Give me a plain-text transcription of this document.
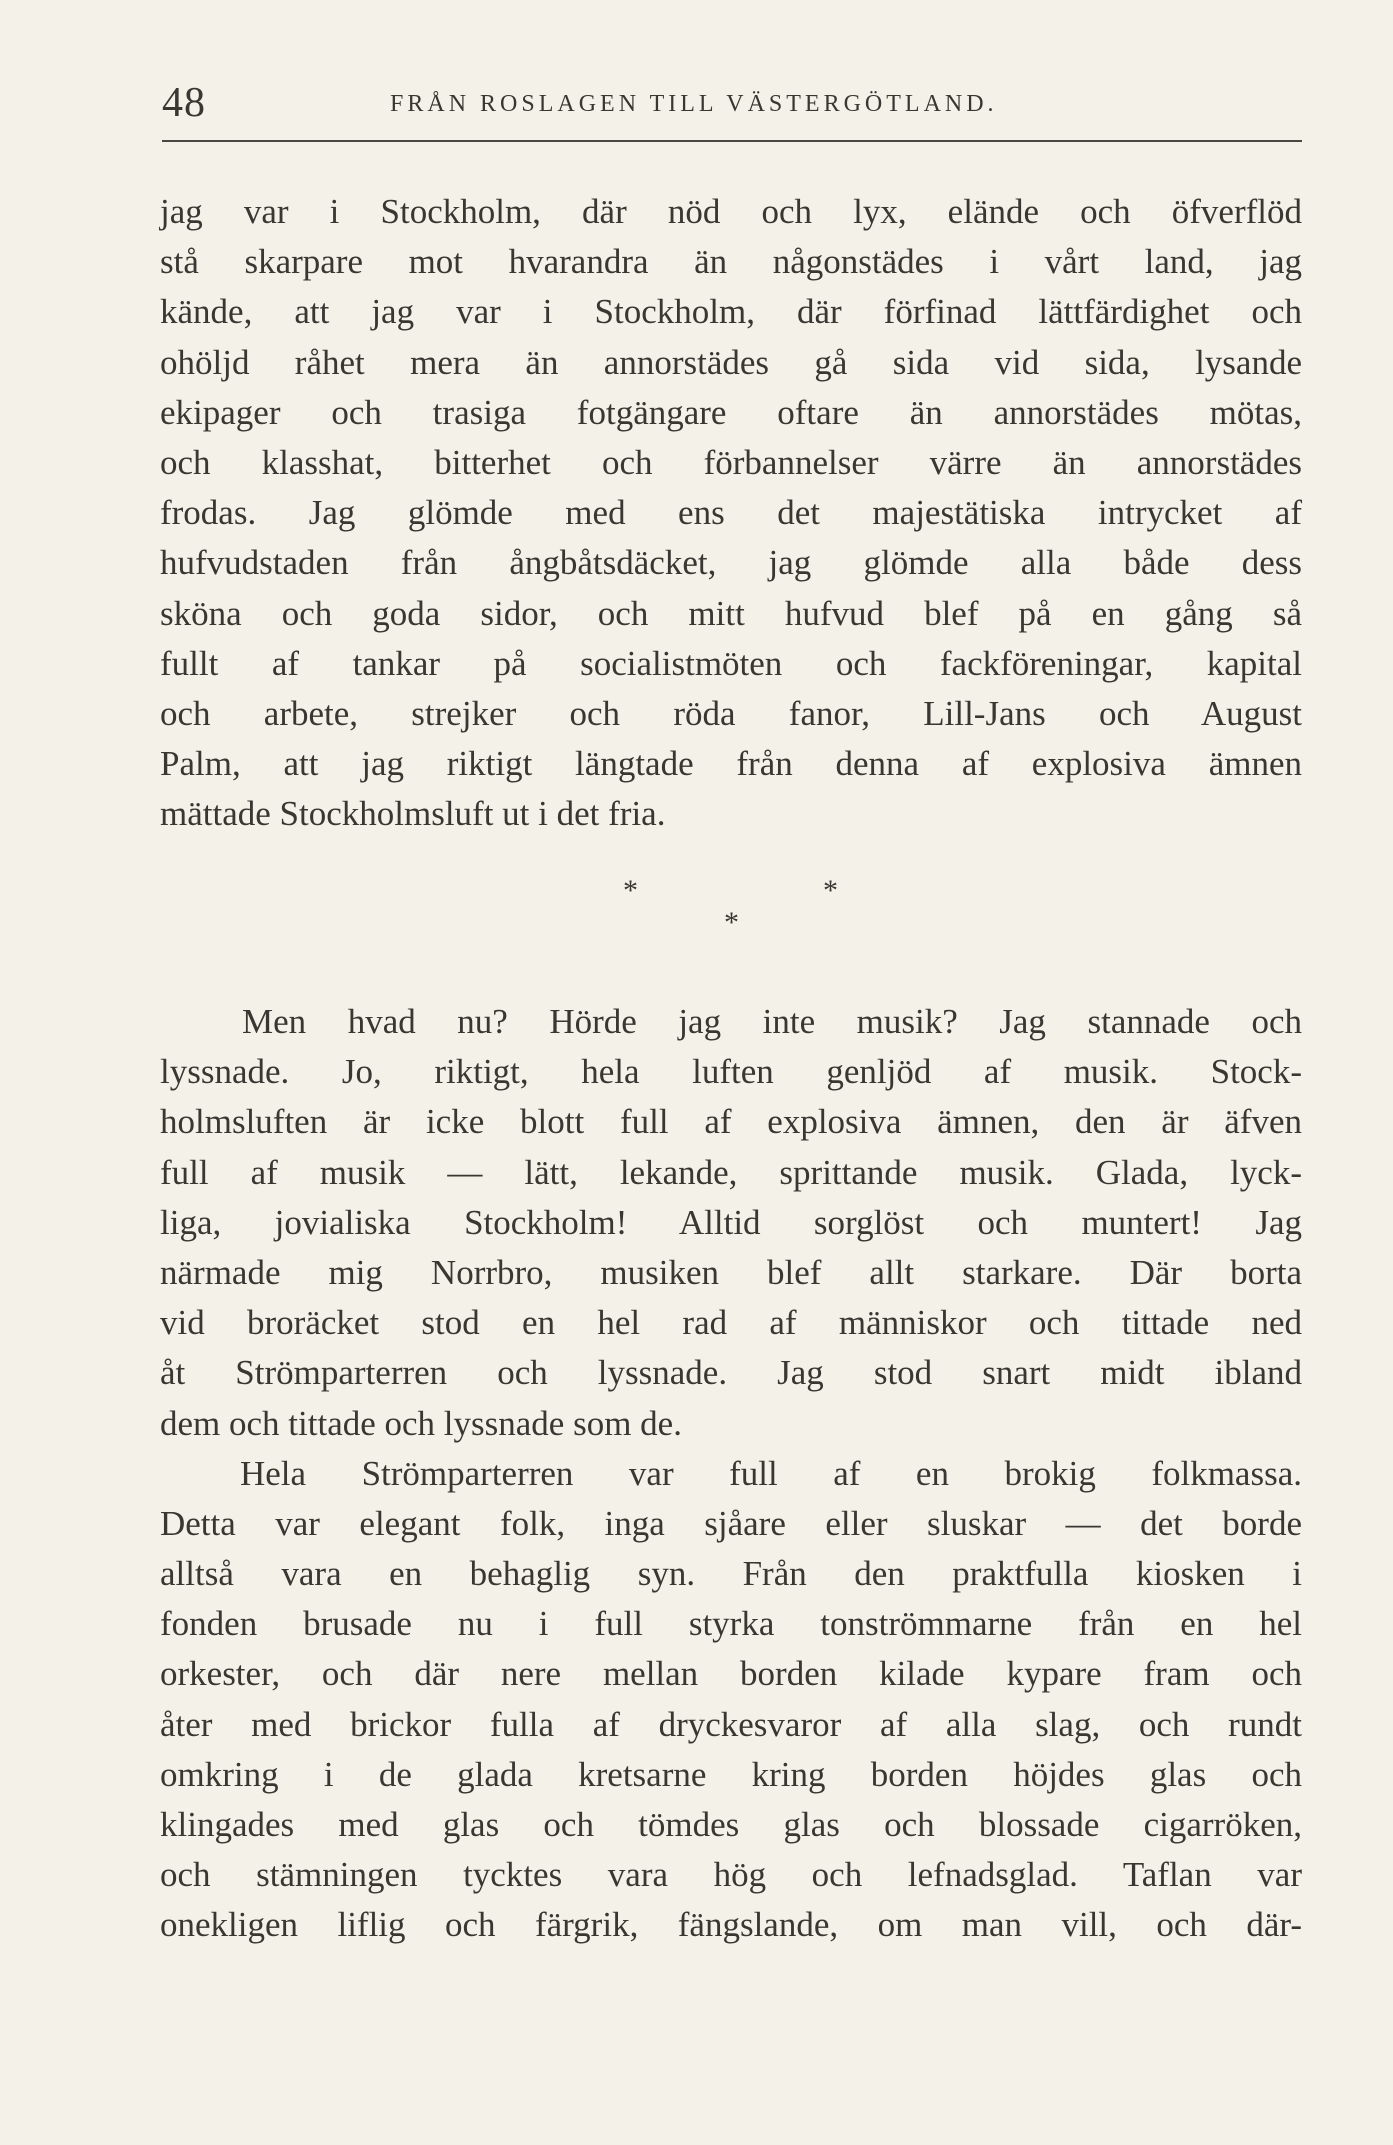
48	FRÅN ROSLAGEN TILL VÄSTERGÖTLAND.
jag var i Stockholm, där nöd och lyx, elände och öfverflöd
stå skarpare mot hvarandra än någonstädes i vårt land, jag
kände, att jag var i Stockholm, där förfinad lättfärdighet och
ohöljd råhet mera än annorstädes gå sida vid sida, lysande
ekipager och trasiga fotgängare oftare än annorstädes mötas,
och klasshat, bitterhet och förbannelser värre än annorstädes
frodas. Jag glömde med ens det majestätiska intrycket af
hufvudstaden från ångbåtsdäcket, jag glömde alla både dess
sköna och goda sidor, och mitt hufvud blef på en gång så
fullt af tankar på socialistmöten och fackföreningar, kapital
och arbete, strejker och röda fanor, Lill-Jans och August
Palm, att jag riktigt längtade från denna af explosiva ämnen
mättade Stockholmsluft ut i det fria.
*	*
*
Men hvad nu? Hörde jag inte musik? Jag stannade och
lyssnade. Jo, riktigt, hela luften genljöd af musik. Stock-
holmsluften är icke blott full af explosiva ämnen, den är äfven
full af musik — lätt, lekande, sprittande musik. Glada, lyck-
liga, jovialiska Stockholm! Alltid sorglöst och muntert! Jag
närmade mig Norrbro, musiken blef allt starkare. Där borta
vid broräcket stod en hel rad af människor och tittade ned
åt Strömparterren och lyssnade. Jag stod snart midt ibland
dem och tittade och lyssnade som de.
Hela Strömparterren var full af en brokig folkmassa.
Detta var elegant folk, inga sjåare eller sluskar — det borde
alltså vara en behaglig syn. Från den praktfulla kiosken i
fonden brusade nu i full styrka tonströmmarne från en hel
orkester, och där nere mellan borden kilade kypare fram och
åter med brickor fulla af dryckesvaror af alla slag, och rundt
omkring i de glada kretsarne kring borden höjdes glas och
klingades med glas och tömdes glas och blossade cigarröken,
och stämningen tycktes vara hög och lefnadsglad. Taflan var
onekligen liflig och färgrik, fängslande, om man vill, och där-
